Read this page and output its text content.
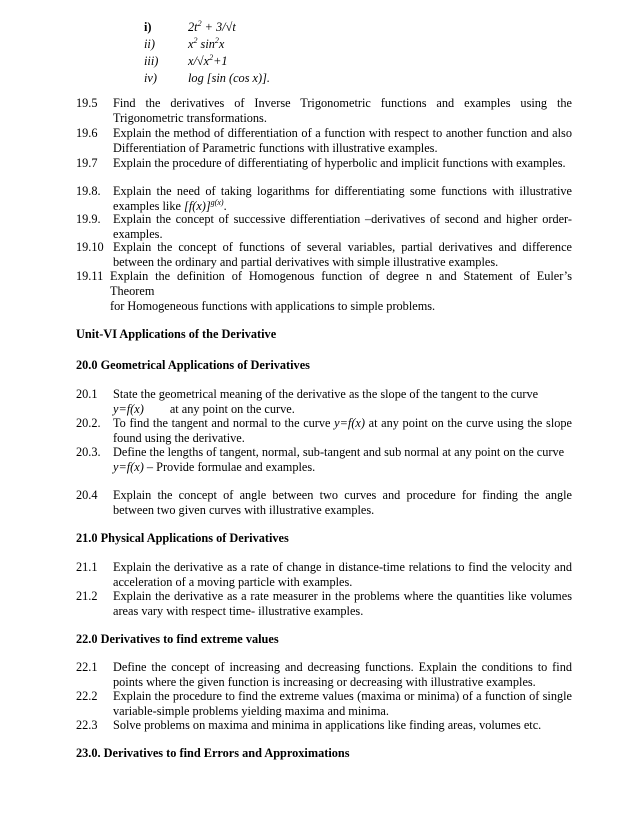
i)	$2t^2 + 3/√t$
ii)	$x^2$ $\sin^2x$
iii)	$x/√x^2+1$
iv)	log [sin (cos x)].
19.5 Find the derivatives of Inverse Trigonometric functions and examples using the Trigonometric transformations.
19.6 Explain the method of differentiation of a function with respect to another function and also Differentiation of Parametric functions with illustrative examples.
19.7 Explain the procedure of differentiating of hyperbolic and implicit functions with examples.
19.8. Explain the need of taking logarithms for differentiating some functions with illustrative examples like $[f(x)]^{g(x)}$.
19.9. Explain the concept of successive differentiation –derivatives of second and higher order-examples.
19.10 Explain the concept of functions of several variables, partial derivatives and difference between the ordinary and partial derivatives with simple illustrative examples.
19.11 Explain the definition of Homogenous function of degree n and Statement of Euler’s Theorem
for Homogeneous functions with applications to simple problems.
Unit-VI Applications of the Derivative
20.0 Geometrical Applications of Derivatives
20.1 State the geometrical meaning of the derivative as the slope of the tangent to the curve
y=f(x) at any point on the curve.
20.2. To find the tangent and normal to the curve y=f(x) at any point on the curve using the slope found using the derivative.
20.3. Define the lengths of tangent, normal, sub-tangent and sub normal at any point on the curve
y=f(x) – Provide formulae and examples.
20.4 Explain the concept of angle between two curves and procedure for finding the angle between two given curves with illustrative examples.
21.0 Physical Applications of Derivatives
21.1 Explain the derivative as a rate of change in distance-time relations to find the velocity and acceleration of a moving particle with examples.
21.2 Explain the derivative as a rate measurer in the problems where the quantities like volumes areas vary with respect time- illustrative examples.
22.0 Derivatives to find extreme values
22.1 Define the concept of increasing and decreasing functions. Explain the conditions to find points where the given function is increasing or decreasing with illustrative examples.
22.2 Explain the procedure to find the extreme values (maxima or minima) of a function of single variable-simple problems yielding maxima and minima.
22.3 Solve problems on maxima and minima in applications like finding areas, volumes etc.
23.0. Derivatives to find Errors and Approximations
